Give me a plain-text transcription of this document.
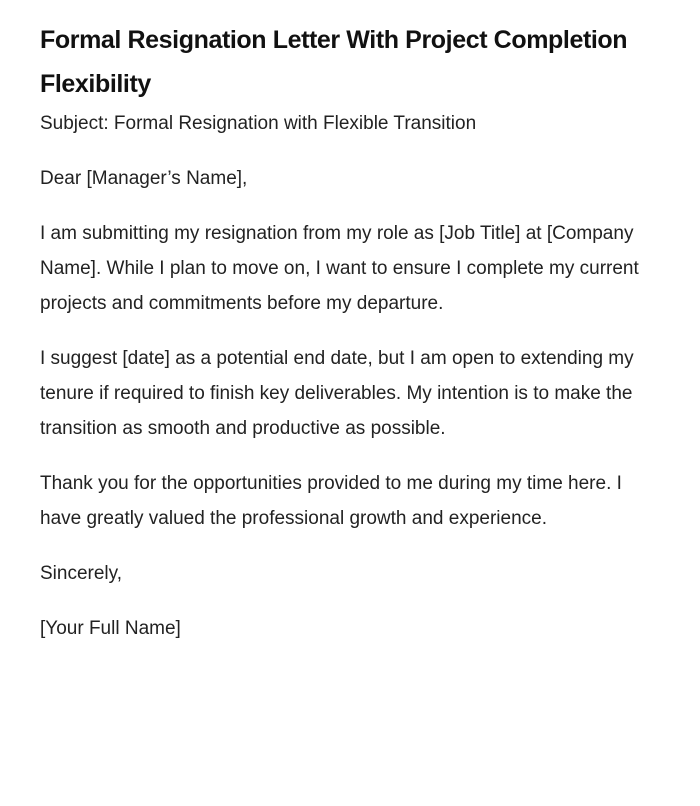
Formal Resignation Letter With Project Completion Flexibility

Subject: Formal Resignation with Flexible Transition

Dear [Manager’s Name],

I am submitting my resignation from my role as [Job Title] at [Company Name]. While I plan to move on, I want to ensure I complete my current projects and commitments before my departure.

I suggest [date] as a potential end date, but I am open to extending my tenure if required to finish key deliverables. My intention is to make the transition as smooth and productive as possible.

Thank you for the opportunities provided to me during my time here. I have greatly valued the professional growth and experience.

Sincerely,

[Your Full Name]
